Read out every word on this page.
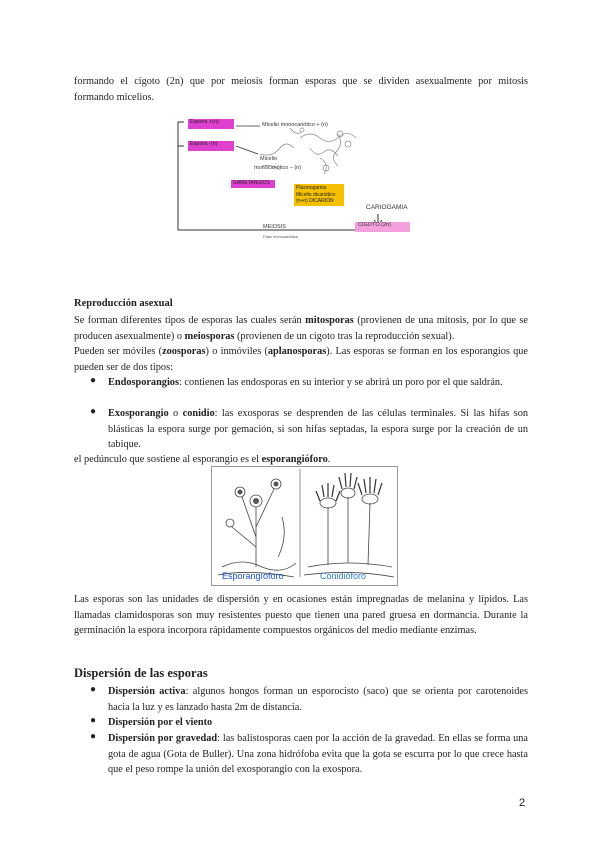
formando el cigoto (2n) que por meiosis forman esporas que se dividen asexualmente por mitosis
formando micelios.
Espora +(n)
Espora -(n)
Micelio monocariótico + (n)
Micelio
monocariótico – (n)
GAMETANGIOS
Plasmogamia
Micelio dicariótico
(n+n) DICARIÓN
CARIOGAMIA
MEIOSIS
Fase monocariótica
CIGOTO (2n)
Reproducción asexual
Se forman diferentes tipos de esporas las cuales serán mitosporas (provienen de una mitosis, por lo que se producen asexualmente) o meiosporas (provienen de un cigoto tras la reproducción sexual).
Pueden ser móviles (zoosporas) o inmóviles (aplanosporas). Las esporas se forman en los esporangios que pueden ser de dos tipos:
● Endosporangios: contienen las endosporas en su interior y se abrirá un poro por el que saldrán.
● Exosporangio o conidio: las exosporas se desprenden de las células terminales. Si las hifas son blásticas la espora surge por gemación, si son hifas septadas, la espora surge por la creación de un tabique.
el pedúnculo que sostiene al esporangio es el esporangióforo.
Esporangíoforo	Conidióforo
Las esporas son las unidades de dispersión y en ocasiones están impregnadas de melanina y lípidos. Las llamadas clamidosporas son muy resistentes puesto que tienen una pared gruesa en dormancia. Durante la germinación la espora incorpora rápidamente compuestos orgánicos del medio mediante enzimas.
Dispersión de las esporas
● Dispersión activa: algunos hongos forman un esporocisto (saco) que se orienta por carotenoides hacia la luz y es lanzado hasta 2m de distancia.
● Dispersión por el viento
● Dispersión por gravedad: las balistosporas caen por la acción de la gravedad. En ellas se forma una gota de agua (Gota de Buller). Una zona hidrófoba evita que la gota se escurra por lo que crece hasta que el peso rompe la unión del exosporangio con la exospora.
2
